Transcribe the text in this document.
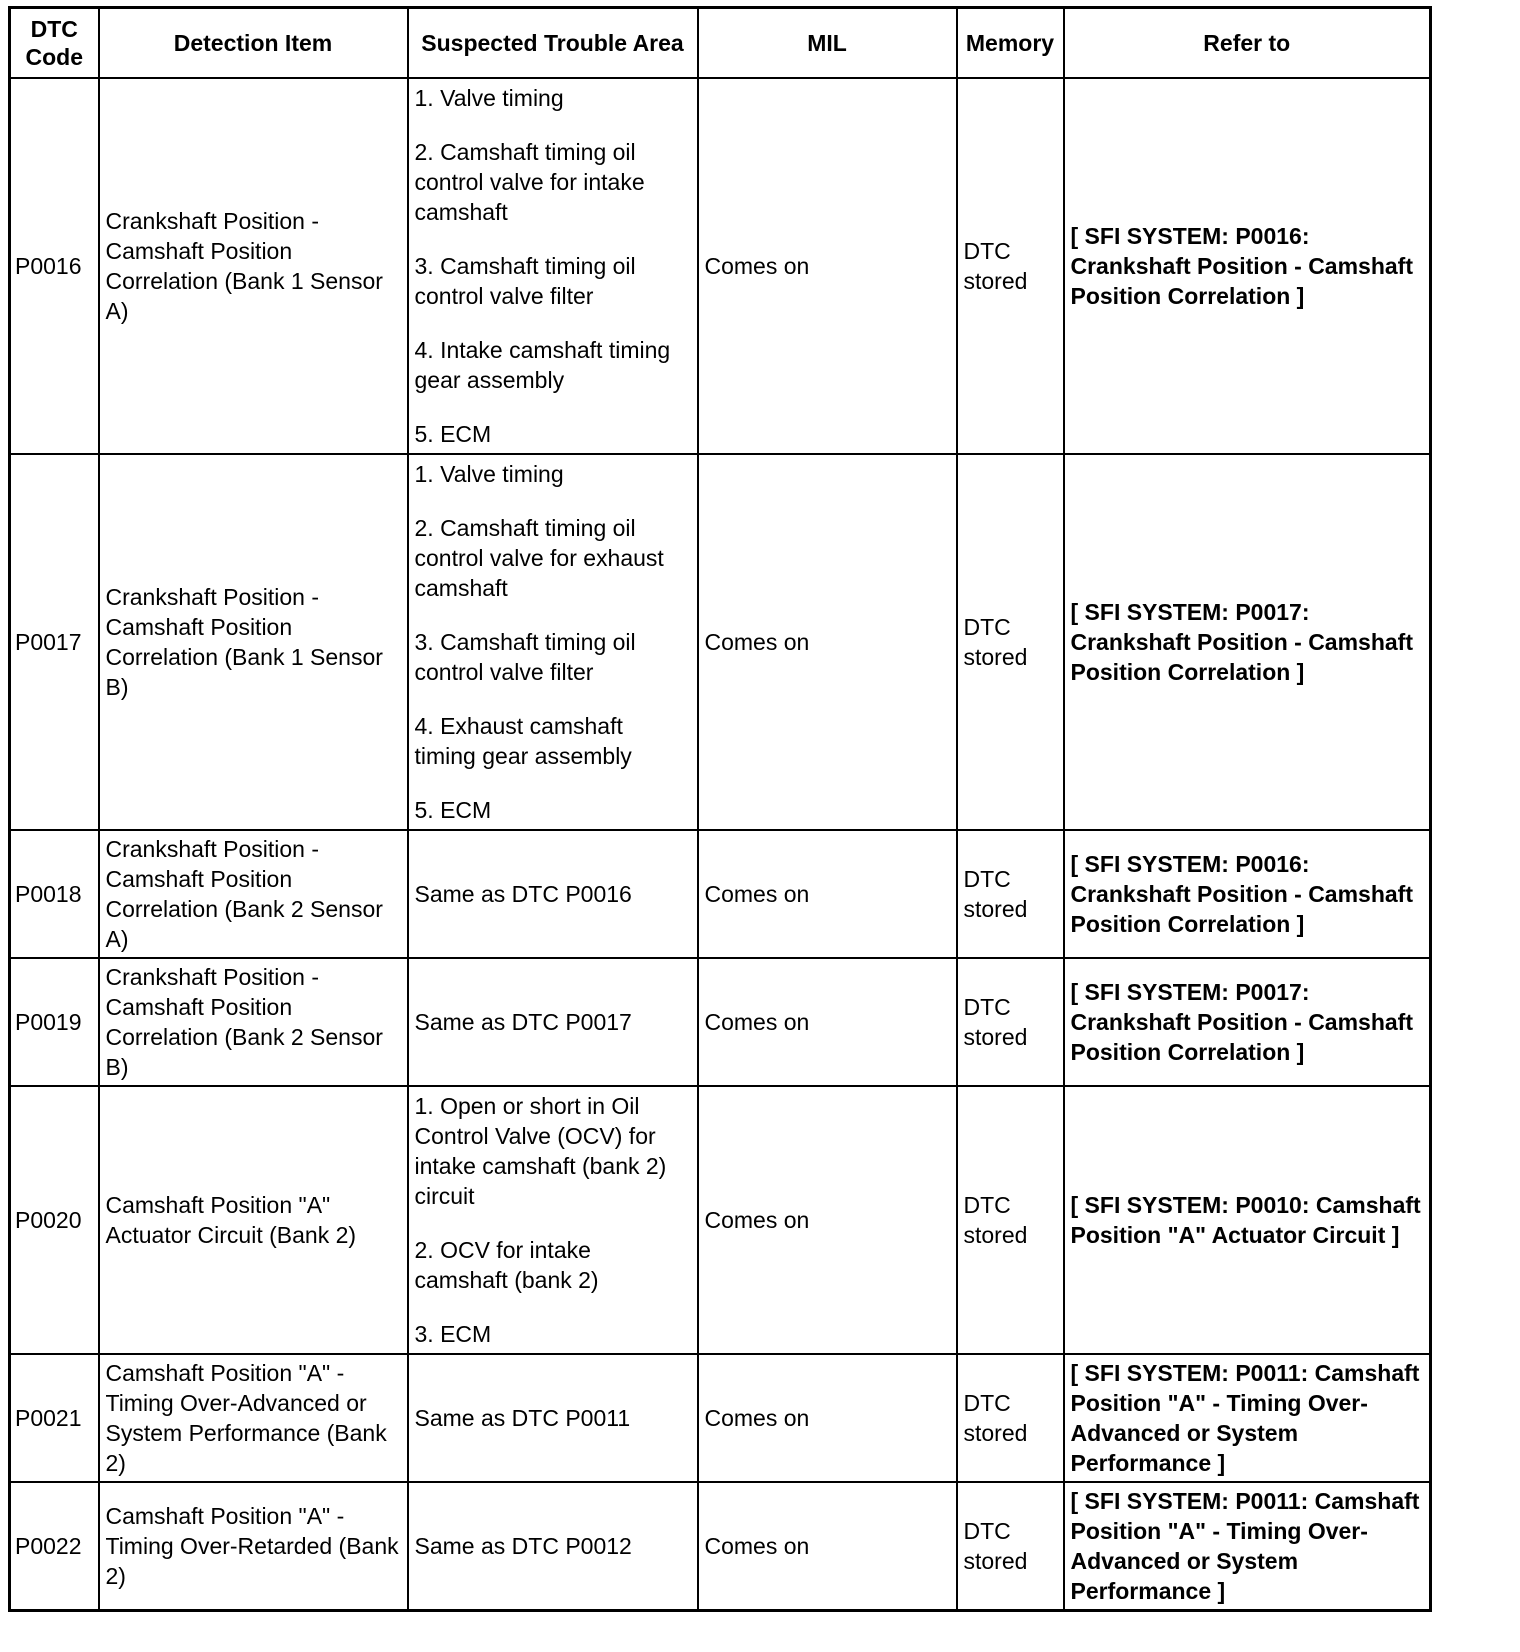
DTC
Code	Detection Item	Suspected Trouble Area	MIL	Memory	Refer to
P0016	Crankshaft Position - Camshaft Position Correlation (Bank 1 Sensor A)	1. Valve timing

2. Camshaft timing oil control valve for intake camshaft

3. Camshaft timing oil control valve filter

4. Intake camshaft timing gear assembly

5. ECM	Comes on	DTC stored	[ SFI SYSTEM: P0016: Crankshaft Position - Camshaft Position Correlation ]
P0017	Crankshaft Position - Camshaft Position Correlation (Bank 1 Sensor B)	1. Valve timing

2. Camshaft timing oil control valve for exhaust camshaft

3. Camshaft timing oil control valve filter

4. Exhaust camshaft timing gear assembly

5. ECM	Comes on	DTC stored	[ SFI SYSTEM: P0017: Crankshaft Position - Camshaft Position Correlation ]
P0018	Crankshaft Position - Camshaft Position Correlation (Bank 2 Sensor A)	Same as DTC P0016	Comes on	DTC stored	[ SFI SYSTEM: P0016: Crankshaft Position - Camshaft Position Correlation ]
P0019	Crankshaft Position - Camshaft Position Correlation (Bank 2 Sensor B)	Same as DTC P0017	Comes on	DTC stored	[ SFI SYSTEM: P0017: Crankshaft Position - Camshaft Position Correlation ]
P0020	Camshaft Position "A" Actuator Circuit (Bank 2)	1. Open or short in Oil Control Valve (OCV) for intake camshaft (bank 2) circuit

2. OCV for intake camshaft (bank 2)

3. ECM	Comes on	DTC stored	[ SFI SYSTEM: P0010: Camshaft Position "A" Actuator Circuit ]
P0021	Camshaft Position "A" - Timing Over-Advanced or System Performance (Bank 2)	Same as DTC P0011	Comes on	DTC stored	[ SFI SYSTEM: P0011: Camshaft Position "A" - Timing Over-Advanced or System Performance ]
P0022	Camshaft Position "A" - Timing Over-Retarded (Bank 2)	Same as DTC P0012	Comes on	DTC stored	[ SFI SYSTEM: P0011: Camshaft Position "A" - Timing Over-Advanced or System Performance ]
